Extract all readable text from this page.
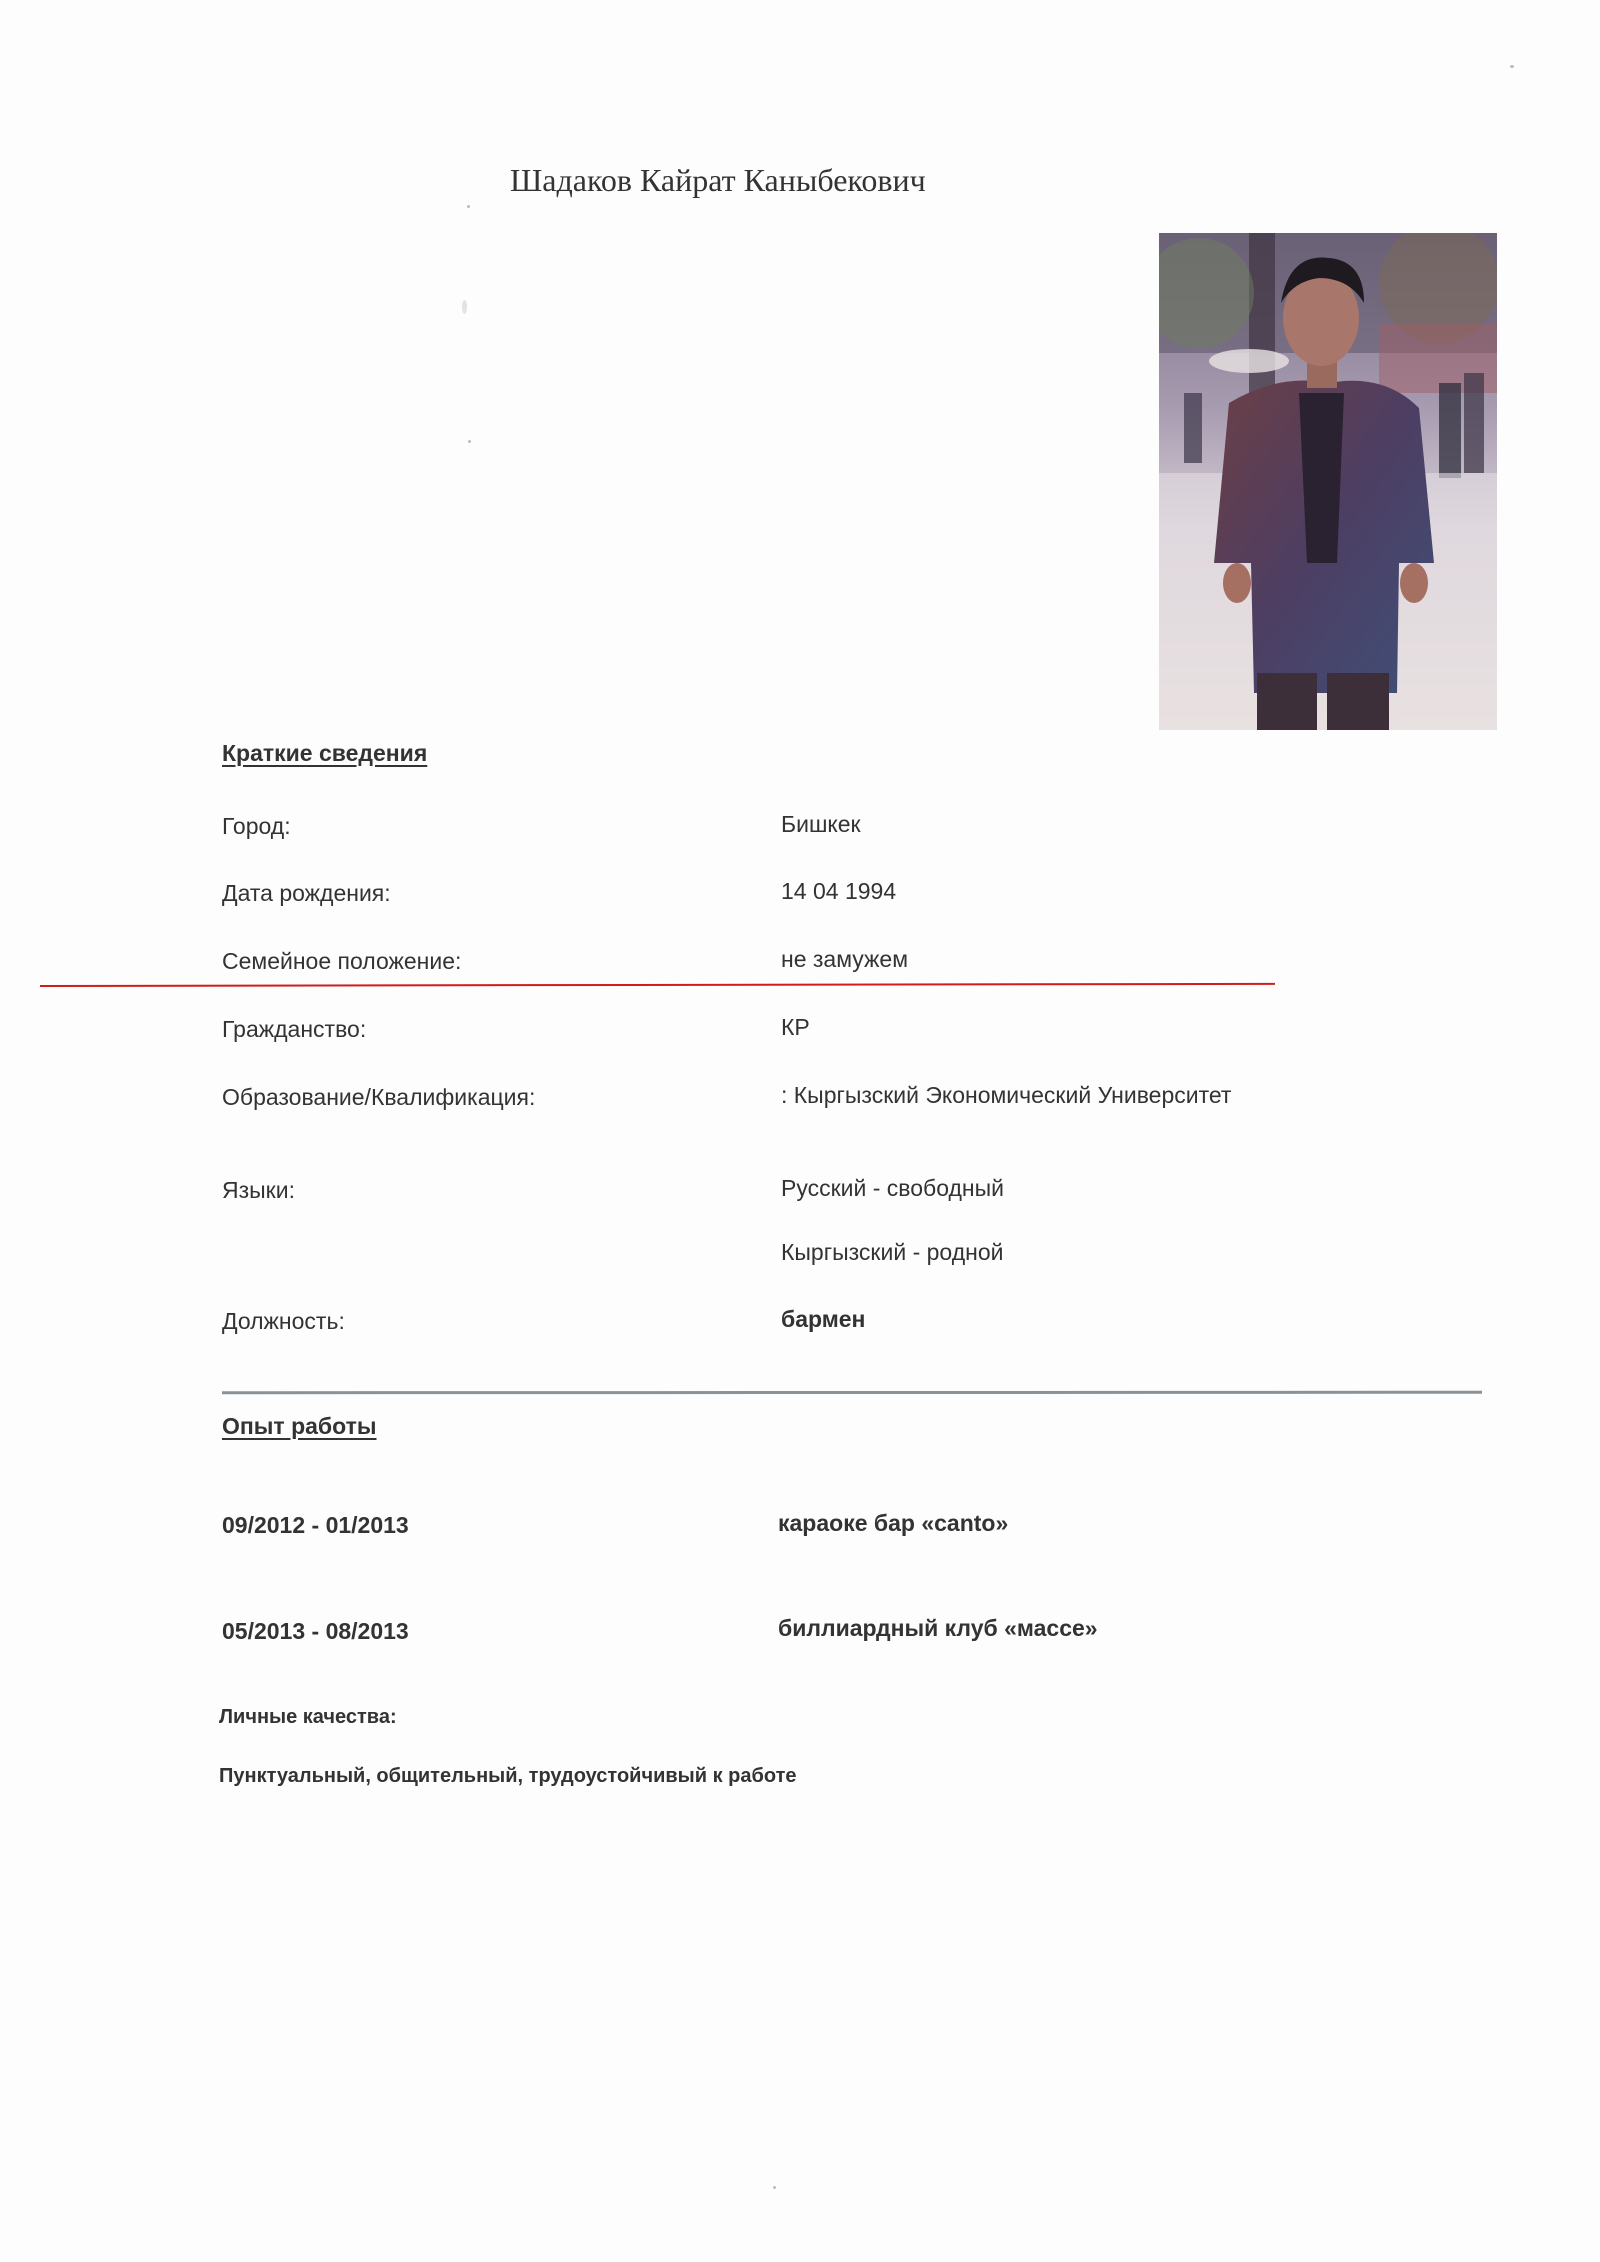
Шадаков Кайрат Каныбекович
Краткие сведения
Город:	Бишкек
Дата рождения:	14 04 1994
Семейное положение:	не замужем
Гражданство:	КР
Образование/Квалификация:	: Кыргызский Экономический Университет
Языки:	Русский - свободный
Кыргызский - родной
Должность:	бармен
Опыт работы
09/2012 - 01/2013	караоке бар «canto»
05/2013 - 08/2013	биллиардный клуб «массе»
Личные качества:
Пунктуальный, общительный, трудоустойчивый к работе
